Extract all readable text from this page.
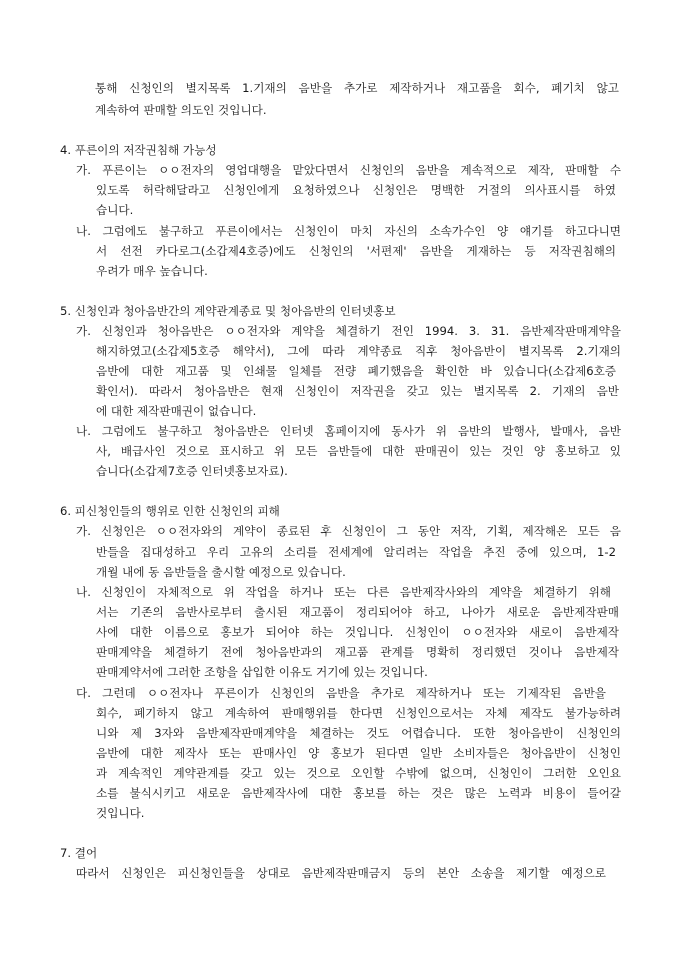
통해 신청인의 별지목록 1.기재의 음반을 추가로 제작하거나 재고품을 회수, 폐기치 않고

계속하여 판매할 의도인 것입니다.

4. 푸른이의 저작권침해 가능성

가. 푸른이는 ㅇㅇ전자의 영업대행을 맡았다면서 신청인의 음반을 계속적으로 제작, 판매할 수

있도록 허락해달라고 신청인에게 요청하였으나 신청인은 명백한 거절의 의사표시를 하였

습니다.

나. 그럼에도 불구하고 푸른이에서는 신청인이 마치 자신의 소속가수인 양 얘기를 하고다니면

서 선전 카다로그(소갑제4호증)에도 신청인의 '서편제' 음반을 게재하는 등 저작권침해의

우려가 매우 높습니다.

5. 신청인과 청아음반간의 계약관계종료 및 청아음반의 인터넷홍보

가. 신청인과 청아음반은 ㅇㅇ전자와 계약을 체결하기 전인 1994. 3. 31. 음반제작판매계약을

해지하였고(소갑제5호증 해약서), 그에 따라 계약종료 직후 청아음반이 별지목록 2.기재의

음반에 대한 재고품 및 인쇄물 일체를 전량 폐기했음을 확인한 바 있습니다(소갑제6호증

확인서). 따라서 청아음반은 현재 신청인이 저작권을 갖고 있는 별지목록 2. 기재의 음반

에 대한 제작판매권이 없습니다.

나. 그럼에도 불구하고 청아음반은 인터넷 홈페이지에 동사가 위 음반의 발행사, 발매사, 음반

사, 배급사인 것으로 표시하고 위 모든 음반들에 대한 판매권이 있는 것인 양 홍보하고 있

습니다(소갑제7호증 인터넷홍보자료).

6. 피신청인들의 행위로 인한 신청인의 피해

가. 신청인은 ㅇㅇ전자와의 계약이 종료된 후 신청인이 그 동안 저작, 기획, 제작해온 모든 음

반들을 집대성하고 우리 고유의 소리를 전세계에 알리려는 작업을 추진 중에 있으며, 1-2

개월 내에 동 음반들을 출시할 예정으로 있습니다.

나. 신청인이 자체적으로 위 작업을 하거나 또는 다른 음반제작사와의 계약을 체결하기 위해

서는 기존의 음반사로부터 출시된 재고품이 정리되어야 하고, 나아가 새로운 음반제작판매

사에 대한 이름으로 홍보가 되어야 하는 것입니다. 신청인이 ㅇㅇ전자와 새로이 음반제작

판매계약을 체결하기 전에 청아음반과의 재고품 관계를 명확히 정리했던 것이나 음반제작

판매계약서에 그러한 조항을 삽입한 이유도 거기에 있는 것입니다.

다. 그런데 ㅇㅇ전자나 푸른이가 신청인의 음반을 추가로 제작하거나 또는 기제작된 음반을

회수, 폐기하지 않고 계속하여 판매행위를 한다면 신청인으로서는 자체 제작도 불가능하려

니와 제 3자와 음반제작판매계약을 체결하는 것도 어렵습니다. 또한 청아음반이 신청인의

음반에 대한 제작사 또는 판매사인 양 홍보가 된다면 일반 소비자들은 청아음반이 신청인

과 계속적인 계약관계를 갖고 있는 것으로 오인할 수밖에 없으며, 신청인이 그러한 오인요

소를 불식시키고 새로운 음반제작사에 대한 홍보를 하는 것은 많은 노력과 비용이 들어갈

것입니다.

7. 결어

따라서 신청인은 피신청인들을 상대로 음반제작판매금지 등의 본안 소송을 제기할 예정으로
